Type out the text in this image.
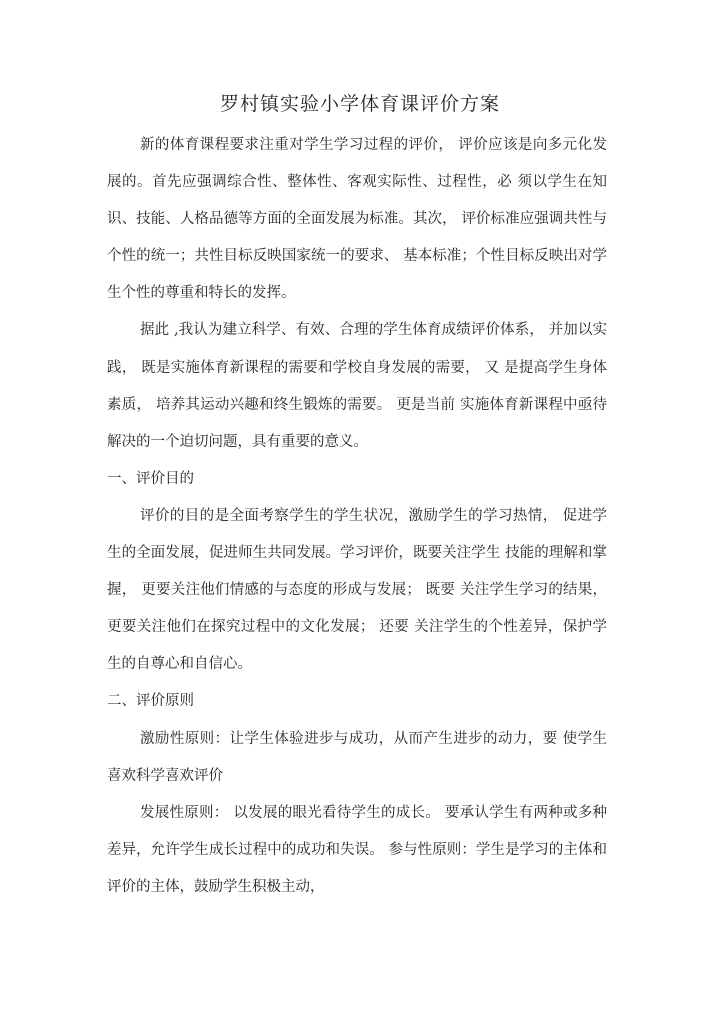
罗村镇实验小学体育课评价方案

新的体育课程要求注重对学生学习过程的评价， 评价应该是向多元化发展的。首先应强调综合性、整体性、客观实际性、过程性，必 须以学生在知识、技能、人格品德等方面的全面发展为标准。其次， 评价标准应强调共性与个性的统一；共性目标反映国家统一的要求、 基本标准；个性目标反映出对学生个性的尊重和特长的发挥。

据此 ,我认为建立科学、有效、合理的学生体育成绩评价体系， 并加以实践， 既是实施体育新课程的需要和学校自身发展的需要， 又 是提高学生身体素质， 培养其运动兴趣和终生锻炼的需要。 更是当前 实施体育新课程中亟待解决的一个迫切问题，具有重要的意义。

一、评价目的

评价的目的是全面考察学生的学生状况，激励学生的学习热情， 促进学生的全面发展，促进师生共同发展。学习评价，既要关注学生 技能的理解和掌握， 更要关注他们情感的与态度的形成与发展； 既要 关注学生学习的结果， 更要关注他们在探究过程中的文化发展； 还要 关注学生的个性差异，保护学生的自尊心和自信心。

二、评价原则

激励性原则：让学生体验进步与成功，从而产生进步的动力，要 使学生喜欢科学喜欢评价

发展性原则： 以发展的眼光看待学生的成长。 要承认学生有两种或多种差异，允许学生成长过程中的成功和失误。 参与性原则：学生是学习的主体和评价的主体，鼓励学生积极主动，
